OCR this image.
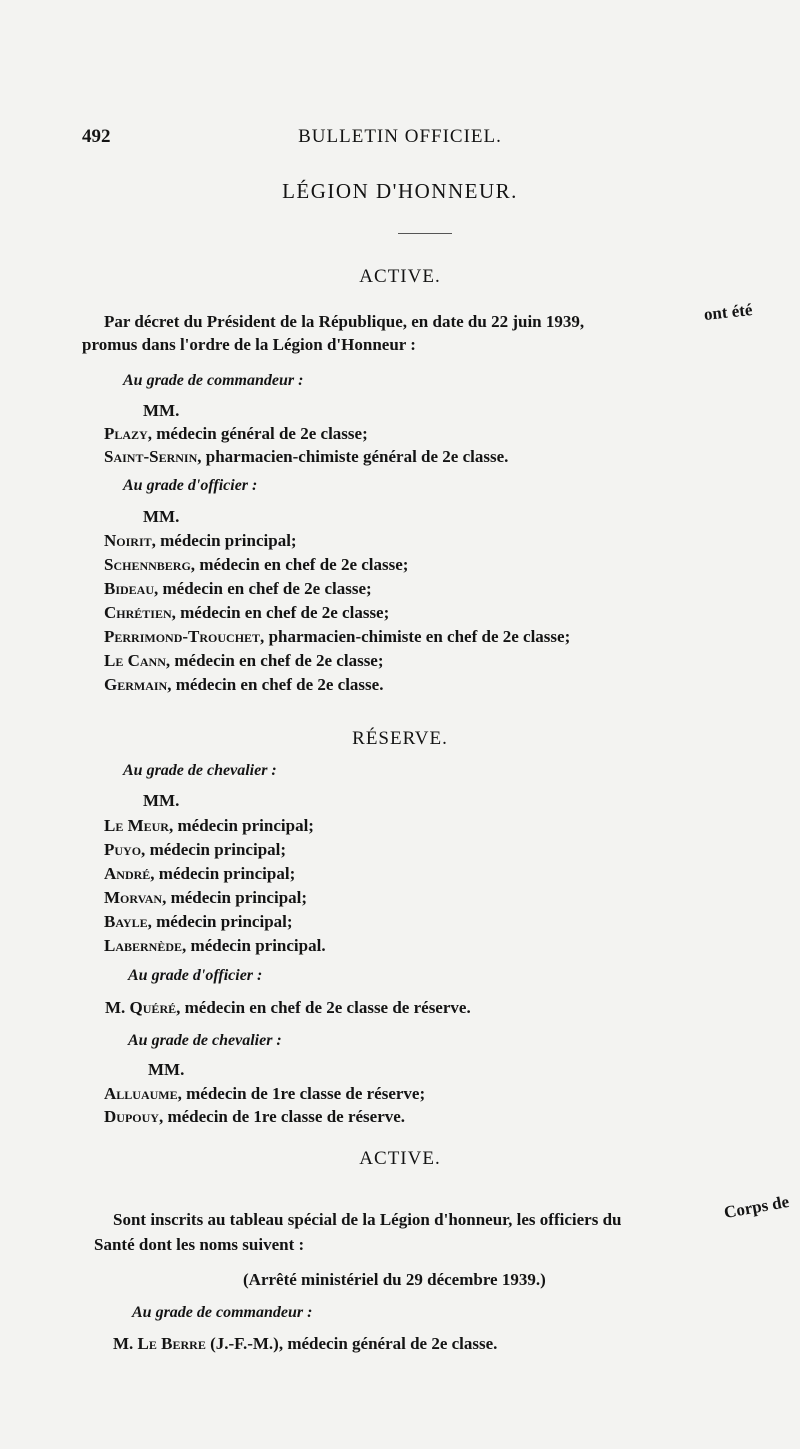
492	BULLETIN OFFICIEL.
LÉGION D'HONNEUR.
ACTIVE.
Par décret du Président de la République, en date du 22 juin 1939,	ont été
promus dans l'ordre de la Légion d'Honneur :
Au grade de commandeur :
MM.
Plazy, médecin général de 2e classe;
Saint-Sernin, pharmacien-chimiste général de 2e classe.
Au grade d'officier :
MM.
Noirit, médecin principal;
Schennberg, médecin en chef de 2e classe;
Bideau, médecin en chef de 2e classe;
Chrétien, médecin en chef de 2e classe;
Perrimond-Trouchet, pharmacien-chimiste en chef de 2e classe;
Le Cann, médecin en chef de 2e classe;
Germain, médecin en chef de 2e classe.
RÉSERVE.
Au grade de chevalier :
MM.
Le Meur, médecin principal;
Puyo, médecin principal;
André, médecin principal;
Morvan, médecin principal;
Bayle, médecin principal;
Labernède, médecin principal.
Au grade d'officier :
M. Quéré, médecin en chef de 2e classe de réserve.
Au grade de chevalier :
MM.
Alluaume, médecin de 1re classe de réserve;
Dupouy, médecin de 1re classe de réserve.
ACTIVE.
Sont inscrits au tableau spécial de la Légion d'honneur, les officiers du	Corps de
Santé dont les noms suivent :
(Arrêté ministériel du 29 décembre 1939.)
Au grade de commandeur :
M. Le Berre (J.-F.-M.), médecin général de 2e classe.
